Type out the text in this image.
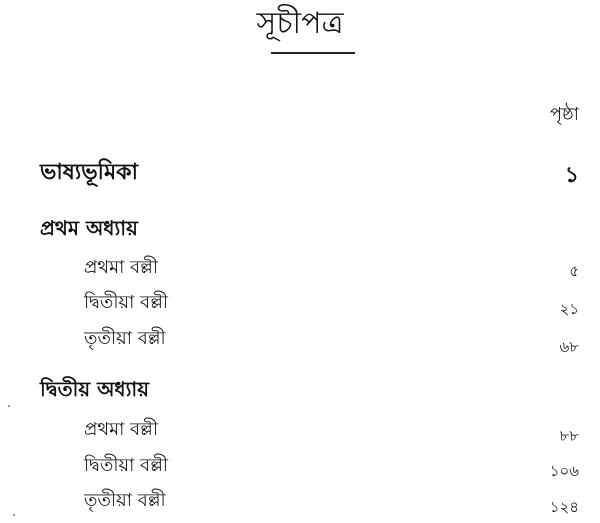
সূচীপত্র
পৃষ্ঠা
ভাষ্যভূমিকা	১
প্রথম অধ্যায়
প্রথমা বল্লী	৫
দ্বিতীয়া বল্লী	২১
তৃতীয়া বল্লী	৬৮
দ্বিতীয় অধ্যায়
প্রথমা বল্লী	৮৮
দ্বিতীয়া বল্লী	১০৬
তৃতীয়া বল্লী	১২৪
